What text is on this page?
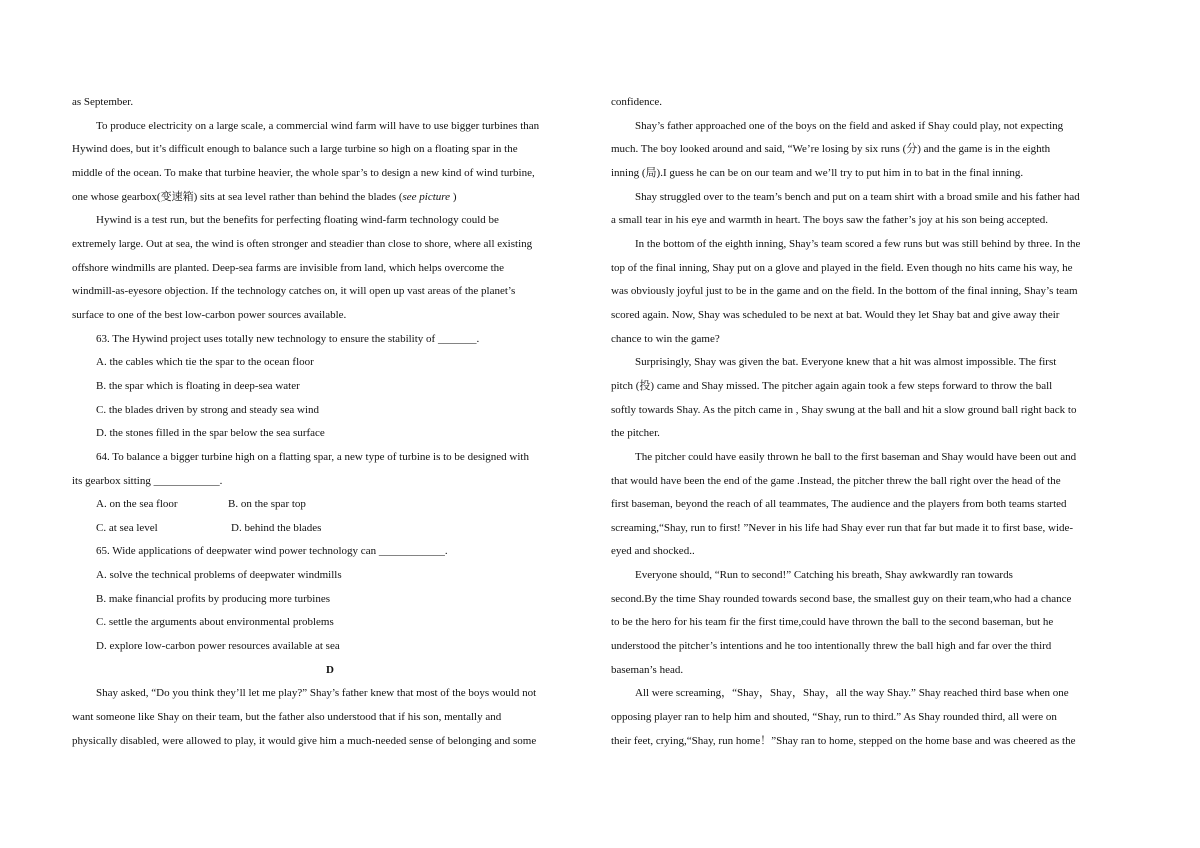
as September.
To produce electricity on a large scale, a commercial wind farm will have to use bigger turbines than
Hywind does, but it’s difficult enough to balance such a large turbine so high on a floating spar in the
middle of the ocean. To make that turbine heavier, the whole spar’s to design a new kind of wind turbine,
one whose gearbox(变速箱) sits at sea level rather than behind the blades (see picture )
Hywind is a test run, but the benefits for perfecting floating wind-farm technology could be
extremely large. Out at sea, the wind is often stronger and steadier than close to shore, where all existing
offshore windmills are planted. Deep-sea farms are invisible from land, which helps overcome the
windmill-as-eyesore objection. If the technology catches on, it will open up vast areas of the planet’s
surface to one of the best low-carbon power sources available.
63. The Hywind project uses totally new technology to ensure the stability of _______.
A. the cables which tie the spar to the ocean floor
B. the spar which is floating in deep-sea water
C. the blades driven by strong and steady sea wind
D. the stones filled in the spar below the sea surface
64. To balance a bigger turbine high on a flatting spar, a new type of turbine is to be designed with
its gearbox sitting ____________.
A. on the sea floor	B. on the spar top
C. at sea level	D. behind the blades
65. Wide applications of deepwater wind power technology can ____________.
A. solve the technical problems of deepwater windmills
B. make financial profits by producing more turbines
C. settle the arguments about environmental problems
D. explore low-carbon power resources available at sea
D
Shay asked, “Do you think they’ll let me play?” Shay’s father knew that most of the boys would not
want someone like Shay on their team, but the father also understood that if his son, mentally and
physically disabled, were allowed to play, it would give him a much-needed sense of belonging and some
confidence.
Shay’s father approached one of the boys on the field and asked if Shay could play, not expecting
much. The boy looked around and said, “We’re losing by six runs (分) and the game is in the eighth
inning (局).I guess he can be on our team and we’ll try to put him in to bat in the final inning.
Shay struggled over to the team’s bench and put on a team shirt with a broad smile and his father had
a small tear in his eye and warmth in heart. The boys saw the father’s joy at his son being accepted.
In the bottom of the eighth inning, Shay’s team scored a few runs but was still behind by three. In the
top of the final inning, Shay put on a glove and played in the field. Even though no hits came his way, he
was obviously joyful just to be in the game and on the field. In the bottom of the final inning, Shay’s team
scored again. Now, Shay was scheduled to be next at bat. Would they let Shay bat and give away their
chance to win the game?
Surprisingly, Shay was given the bat. Everyone knew that a hit was almost impossible. The first
pitch (投) came and Shay missed. The pitcher again again took a few steps forward to throw the ball
softly towards Shay. As the pitch came in , Shay swung at the ball and hit a slow ground ball right back to
the pitcher.
The pitcher could have easily thrown he ball to the first baseman and Shay would have been out and
that would have been the end of the game .Instead, the pitcher threw the ball right over the head of the
first baseman, beyond the reach of all teammates, The audience and the players from both teams started
screaming,“Shay, run to first! ”Never in his life had Shay ever run that far but made it to first base, wide-
eyed and shocked..
Everyone should, “Run to second!” Catching his breath, Shay awkwardly ran towards
second.By the time Shay rounded towards second base, the smallest guy on their team,who had a chance
to be the hero for his team fir the first time,could have thrown the ball to the second baseman, but he
understood the pitcher’s intentions and he too intentionally threw the ball high and far over the third
baseman’s head.
All were screaming，“Shay，Shay，Shay，all the way Shay.” Shay reached third base when one
opposing player ran to help him and shouted, “Shay, run to third.” As Shay rounded third, all were on
their feet, crying,“Shay, run home！”Shay ran to home, stepped on the home base and was cheered as the
